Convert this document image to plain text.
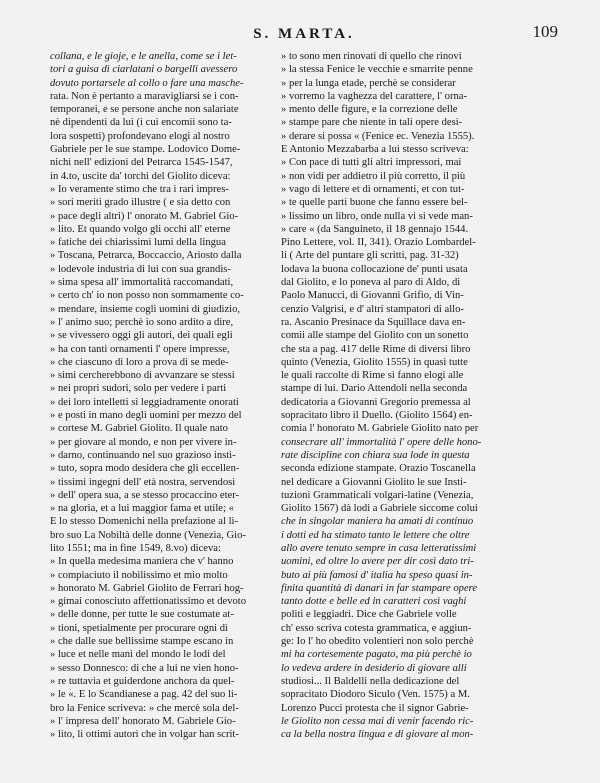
S. MARTA.	109
collana, e le gioje, e le anella, come se i let-
tori a guisa di ciarlatani o bargelli avessero
dovuto portarsele al collo o fare una masche-
rata. Non è pertanto a maravigliarsi se i con-
temporanei, e se persone anche non salariate
nè dipendenti da lui (i cui encomii sono ta-
lora sospetti) profondevano elogi al nostro
Gabriele per le sue stampe. Lodovico Dome-
nichi nell' edizioni del Petrarca 1545-1547,
in 4.to, uscite da' torchi del Giolito diceva:
» Io veramente stimo che tra i rari impres-
» sori meriti grado illustre ( e sia detto con
» pace degli altri) l' onorato M. Gabriel Gio-
» lito. Et quando volgo gli occhi all' eterne
» fatiche dei chiarissimi lumi della lingua
» Toscana, Petrarca, Boccaccio, Ariosto dalla
» lodevole industria di lui con sua grandis-
» sima spesa all' immortalità raccomandati,
» certo ch' io non posso non sommamente co-
» mendare, insieme cogli uomini di giudizio,
» l' animo suo; perchè io sono ardito a dire,
» se vivessero oggi gli autori, dei quali egli
» ha con tanti ornamenti l' opere impresse,
» che ciascuno di loro a prova di se mede-
» simi cercherebbono di avvanzare se stessi
» nei propri sudori, solo per vedere i parti
» dei loro intelletti sì leggiadramente onorati
» e posti in mano degli uomini per mezzo del
» cortese M. Gabriel Giolito. Il quale nato
» per giovare al mondo, e non per vivere in-
» darno, continuando nel suo grazioso insti-
» tuto, sopra modo desidera che gli eccellen-
» tissimi ingegni dell' età nostra, servendosi
» dell' opera sua, a se stesso procaccino eter-
» na gloria, et a lui maggior fama et utile; «
E lo stesso Domenichi nella prefazione al li-
bro suo La Nobiltà delle donne (Venezia, Gio-
lito 1551; ma in fine 1549, 8.vo) diceva:
» In quella medesima maniera che v' hanno
» compiaciuto il nobilissimo et mio molto
» honorato M. Gabriel Giolito de Ferrari hog-
» gimai conosciuto affettionatissimo et devoto
» delle donne, per tutte le sue costumate at-
» tioni, spetialmente per procurare ogni dì
» che dalle sue bellissime stampe escano in
» luce et nelle mani del mondo le lodi del
» sesso Donnesco: di che a lui ne vien hono-
» re tuttavia et guiderdone anchora da quel-
» le «. E lo Scandianese a pag. 42 del suo li-
bro la Fenice scriveva: » che mercè sola del-
» l' impresa dell' honorato M. Gabriele Gio-
» lito, li ottimi autori che in volgar han scrit-
» to sono men rinovati di quello che rinovi
» la stessa Fenice le vecchie e smarrite penne
» per la lunga etade, perchè se considerar
» vorremo la vaghezza del carattere, l' orna-
» mento delle figure, e la correzione delle
» stampe pare che niente in tali opere desi-
» derare si possa « (Fenice ec. Venezia 1555).
E Antonio Mezzabarba a lui stesso scriveva:
» Con pace di tutti gli altri impressori, mai
» non vidi per addietro il più corretto, il più
» vago di lettere et di ornamenti, et con tut-
» te quelle parti buone che fanno essere bel-
» lissimo un libro, onde nulla vi si vede man-
» care « (da Sanguineto, il 18 gennajo 1544.
Pino Lettere, vol. II, 341). Orazio Lombardel-
li ( Arte del puntare gli scritti, pag. 31-32)
lodava la buona collocazione de' punti usata
dal Giolito, e lo poneva al paro di Aldo, di
Paolo Manucci, di Giovanni Grifio, di Vin-
cenzio Valgrisi, e d' altri stampatori di allo-
ra. Ascanio Presinace da Squillace dava en-
comii alle stampe del Giolito con un sonetto
che sta a pag. 417 delle Rime di diversi libro
quinto (Venezia, Giolito 1555) in quasi tutte
le quali raccolte di Rime si fanno elogi alle
stampe di lui. Dario Attendoli nella seconda
dedicatoria a Giovanni Gregorio premessa al
sopracitato libro il Duello. (Giolito 1564) en-
comia l' honorato M. Gabriele Giolito nato per
consecrare all' immortalità l' opere delle hono-
rate discipline con chiara sua lode in questa
seconda edizione stampate. Orazio Toscanella
nel dedicare a Giovanni Giolito le sue Insti-
tuzioni Grammaticali volgari-latine (Venezia,
Giolito 1567) dà lodi a Gabriele siccome colui
che in singolar maniera ha amati di continuo
i dotti ed ha stimato tanto le lettere che oltre
allo avere tenuto sempre in casa letteratissimi
uomini, ed oltre lo avere per dir così dato tri-
buto ai più famosi d' italia ha speso quasi in-
finita quantità di danari in far stampare opere
tanto dotte e belle ed in caratteri così vaghi
politi e leggiadri. Dice che Gabriele volle
ch' esso scriva cotesta grammatica, e aggiun-
ge: Io l' ho obedito volentieri non solo perchè
mi ha cortesemente pagato, ma più perchè io
lo vedeva ardere in desiderio di giovare alli
studiosi... Il Baldelli nella dedicazione del
sopracitato Diodoro Siculo (Ven. 1575) a M.
Lorenzo Pucci protesta che il signor Gabrie-
le Giolito non cessa mai di venir facendo ric-
ca la bella nostra lingua e di giovare al mon-
